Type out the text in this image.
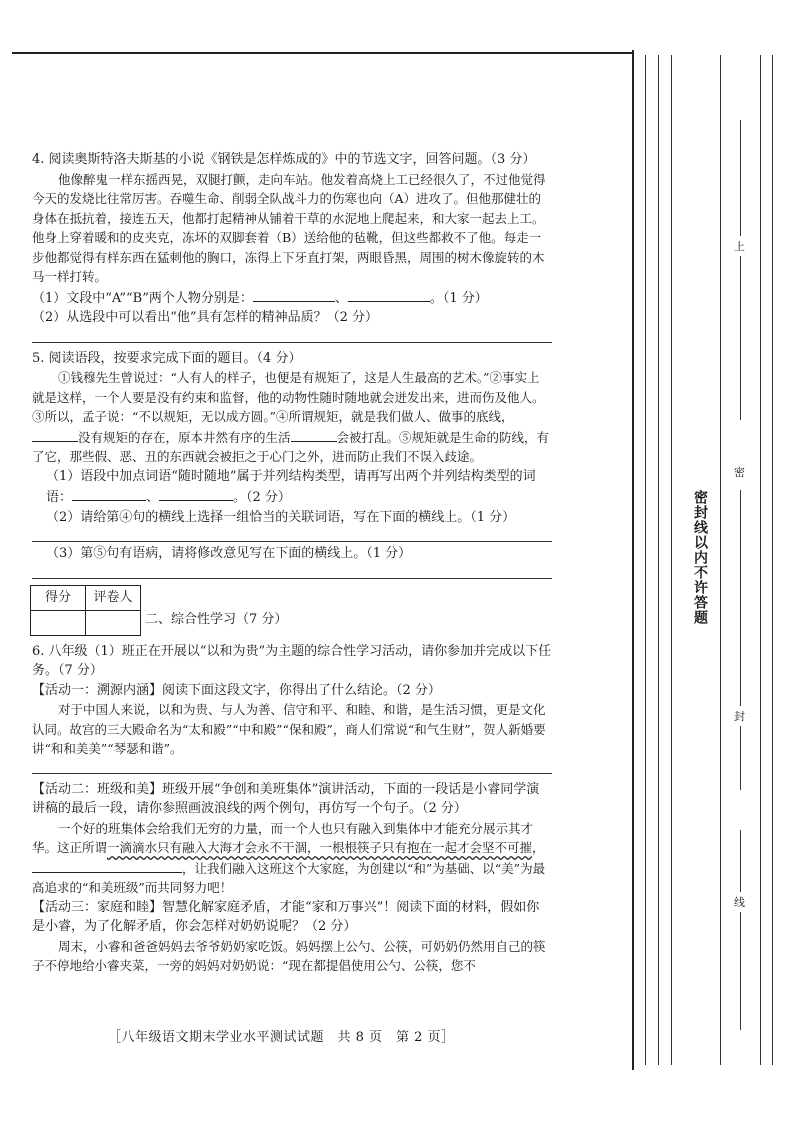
上
密
封
线
密封线以内不许答题

4. 阅读奥斯特洛夫斯基的小说《钢铁是怎样炼成的》中的节选文字，回答问题。（3 分）

他像醉鬼一样东摇西晃，双腿打颤，走向车站。他发着高烧上工已经很久了，不过他觉得今天的发烧比往常厉害。吞噬生命、削弱全队战斗力的伤寒也向（A）进攻了。但他那健壮的身体在抵抗着，接连五天，他都打起精神从铺着干草的水泥地上爬起来，和大家一起去上工。他身上穿着暖和的皮夹克，冻坏的双脚套着（B）送给他的毡靴，但这些都救不了他。每走一步他都觉得有样东西在猛刺他的胸口，冻得上下牙直打架，两眼昏黑，周围的树木像旋转的木马一样打转。

（1）文段中“A”“B”两个人物分别是：	、	。（1 分）

（2）从选段中可以看出“他”具有怎样的精神品质？（2 分）

5. 阅读语段，按要求完成下面的题目。（4 分）

①钱穆先生曾说过：“人有人的样子，也便是有规矩了，这是人生最高的艺术。”②事实上就是这样，一个人要是没有约束和监督，他的动物性随时随地就会迸发出来，进而伤及他人。③所以，孟子说：“不以规矩，无以成方圆。”④所谓规矩，就是我们做人、做事的底线，没有规矩的存在，原本井然有序的生活	会被打乱。⑤规矩就是生命的防线，有了它，那些假、恶、丑的东西就会被拒之于心门之外，进而防止我们不误入歧途。

（1）语段中加点词语“随时随地”属于并列结构类型，请再写出两个并列结构类型的词语：	、	。（2 分）

（2）请给第④句的横线上选择一组恰当的关联词语，写在下面的横线上。（1 分）

（3）第⑤句有语病，请将修改意见写在下面的横线上。（1 分）

得分	评卷人

二、综合性学习（7 分）

6. 八年级（1）班正在开展以“以和为贵”为主题的综合性学习活动，请你参加并完成以下任务。（7 分）

【活动一：溯源内涵】阅读下面这段文字，你得出了什么结论。（2 分）

对于中国人来说，以和为贵、与人为善、信守和平、和睦、和谐，是生活习惯，更是文化认同。故宫的三大殿命名为“太和殿”“中和殿”“保和殿”，商人们常说“和气生财”，贺人新婚要讲“和和美美”“琴瑟和谐”。

【活动二：班级和美】班级开展“争创和美班集体”演讲活动，下面的一段话是小睿同学演讲稿的最后一段，请你参照画波浪线的两个例句，再仿写一个句子。（2 分）

一个好的班集体会给我们无穷的力量，而一个人也只有融入到集体中才能充分展示其才华。这正所谓一滴滴水只有融入大海才会永不干涸，一根根筷子只有抱在一起才会坚不可摧，，让我们融入这班这个大家庭，为创建以“和”为基础、以“美”为最高追求的“和美班级”而共同努力吧！

【活动三：家庭和睦】智慧化解家庭矛盾，才能“家和万事兴”！阅读下面的材料，假如你是小睿，为了化解矛盾，你会怎样对奶奶说呢？（2 分）

周末，小睿和爸爸妈妈去爷爷奶奶家吃饭。妈妈摆上公勺、公筷，可奶奶仍然用自己的筷子不停地给小睿夹菜，一旁的妈妈对奶奶说：“现在都提倡使用公勺、公筷，您不

［八年级语文期末学业水平测试试题　共 8 页　第 2 页］
